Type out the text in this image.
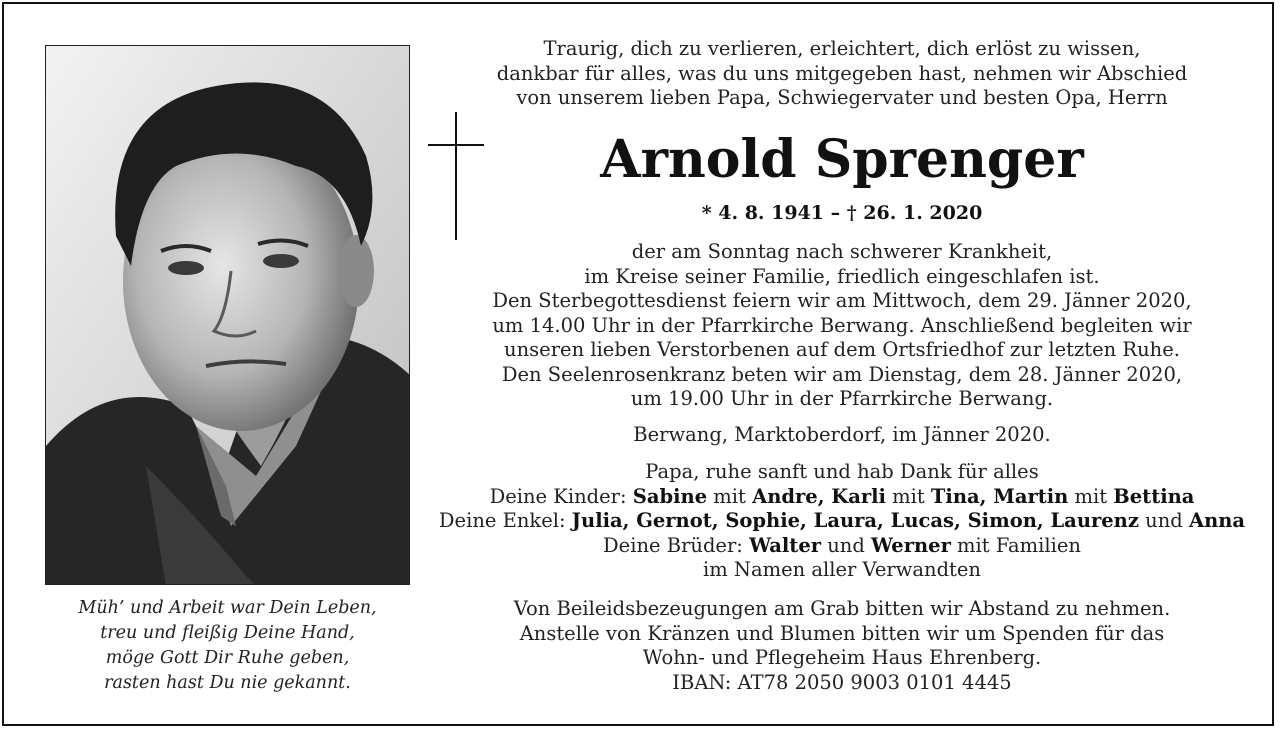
Müh’ und Arbeit war Dein Leben,
treu und fleißig Deine Hand,
möge Gott Dir Ruhe geben,
rasten hast Du nie gekannt.
Traurig, dich zu verlieren, erleichtert, dich erlöst zu wissen,
dankbar für alles, was du uns mitgegeben hast, nehmen wir Abschied
von unserem lieben Papa, Schwiegervater und besten Opa, Herrn
Arnold Sprenger
* 4. 8. 1941 – † 26. 1. 2020
der am Sonntag nach schwerer Krankheit,
im Kreise seiner Familie, friedlich eingeschlafen ist.
Den Sterbegottesdienst feiern wir am Mittwoch, dem 29. Jänner 2020,
um 14.00 Uhr in der Pfarrkirche Berwang. Anschließend begleiten wir
unseren lieben Verstorbenen auf dem Ortsfriedhof zur letzten Ruhe.
Den Seelenrosenkranz beten wir am Dienstag, dem 28. Jänner 2020,
um 19.00 Uhr in der Pfarrkirche Berwang.
Berwang, Marktoberdorf, im Jänner 2020.
Papa, ruhe sanft und hab Dank für alles
Deine Kinder: Sabine mit Andre, Karli mit Tina, Martin mit Bettina
Deine Enkel: Julia, Gernot, Sophie, Laura, Lucas, Simon, Laurenz und Anna
Deine Brüder: Walter und Werner mit Familien
im Namen aller Verwandten
Von Beileidsbezeugungen am Grab bitten wir Abstand zu nehmen.
Anstelle von Kränzen und Blumen bitten wir um Spenden für das
Wohn- und Pflegeheim Haus Ehrenberg.
IBAN: AT78 2050 9003 0101 4445
